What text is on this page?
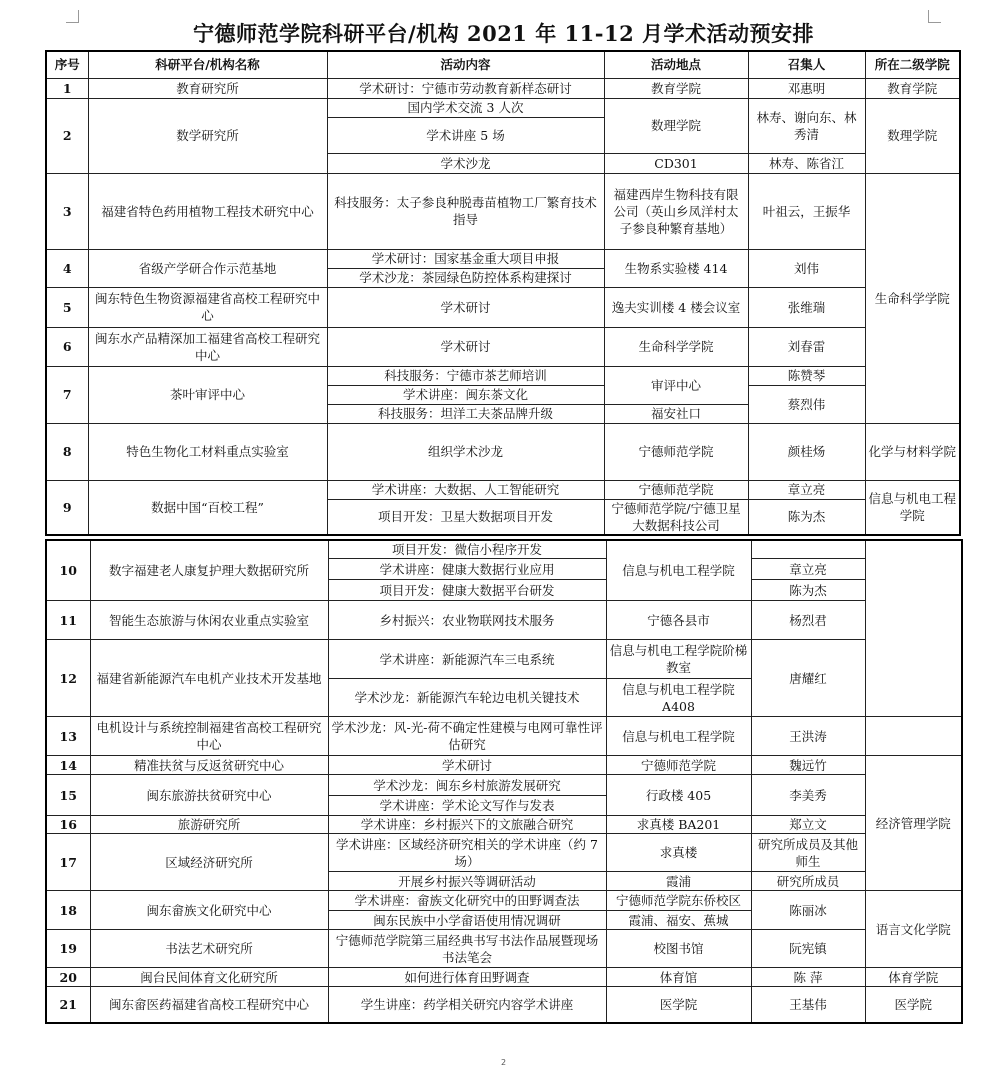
宁德师范学院科研平台/机构 2021 年 11-12 月学术活动预安排
序号	科研平台/机构名称	活动内容	活动地点	召集人	所在二级学院
1	教育研究所	学术研讨：宁德市劳动教育新样态研讨	教育学院	邓惠明	教育学院
2	数学研究所	国内学术交流 3 人次	数理学院	林寿、谢向东、林秀清	数理学院
		学术讲座 5 场			
		学术沙龙	CD301	林寿、陈省江	
3	福建省特色药用植物工程技术研究中心	科技服务：太子参良种脱毒苗植物工厂繁育技术指导	福建西岸生物科技有限公司（英山乡凤洋村太子参良种繁育基地）	叶祖云，王振华	生命科学学院
4	省级产学研合作示范基地	学术研讨：国家基金重大项目申报	生物系实验楼 414	刘伟	
		学术沙龙：茶园绿色防控体系构建探讨			
5	闽东特色生物资源福建省高校工程研究中心	学术研讨	逸夫实训楼 4 楼会议室	张维瑞	
6	闽东水产品精深加工福建省高校工程研究中心	学术研讨	生命科学学院	刘春雷	
7	茶叶审评中心	科技服务：宁德市茶艺师培训	审评中心	陈赞琴	
		学术讲座：闽东茶文化		蔡烈伟	
		科技服务：坦洋工夫茶品牌升级	福安社口		
8	特色生物化工材料重点实验室	组织学术沙龙	宁德师范学院	颜桂炀	化学与材料学院
9	数据中国“百校工程”	学术讲座：大数据、人工智能研究	宁德师范学院	章立亮	信息与机电工程学院
		项目开发：卫星大数据项目开发	宁德师范学院/宁德卫星大数据科技公司	陈为杰	
10	数字福建老人康复护理大数据研究所	项目开发：微信小程序开发	信息与机电工程学院		
		学术讲座：健康大数据行业应用		章立亮	
		项目开发：健康大数据平台研发		陈为杰	
11	智能生态旅游与休闲农业重点实验室	乡村振兴：农业物联网技术服务	宁德各县市	杨烈君	
12	福建省新能源汽车电机产业技术开发基地	学术讲座：新能源汽车三电系统	信息与机电工程学院阶梯教室	唐耀红	
		学术沙龙：新能源汽车轮边电机关键技术	信息与机电工程学院 A408		
13	电机设计与系统控制福建省高校工程研究中心	学术沙龙：风-光-荷不确定性建模与电网可靠性评估研究	信息与机电工程学院	王洪涛	
14	精准扶贫与反返贫研究中心	学术研讨	宁德师范学院	魏远竹	经济管理学院
15	闽东旅游扶贫研究中心	学术沙龙：闽东乡村旅游发展研究	行政楼 405	李美秀	
		学术讲座：学术论文写作与发表			
16	旅游研究所	学术讲座：乡村振兴下的文旅融合研究	求真楼 BA201	郑立文	
17	区域经济研究所	学术讲座：区域经济研究相关的学术讲座（约 7 场）	求真楼	研究所成员及其他师生	
		开展乡村振兴等调研活动	霞浦	研究所成员	
18	闽东畲族文化研究中心	学术讲座：畲族文化研究中的田野调查法	宁德师范学院东侨校区	陈丽冰	语言文化学院
		闽东民族中小学畲语使用情况调研	霞浦、福安、蕉城		
19	书法艺术研究所	宁德师范学院第三届经典书写书法作品展暨现场书法笔会	校图书馆	阮宪镇	
20	闽台民间体育文化研究所	如何进行体育田野调查	体育馆	陈 萍	体育学院
21	闽东畲医药福建省高校工程研究中心	学生讲座：药学相关研究内容学术讲座	医学院	王基伟	医学院
2
